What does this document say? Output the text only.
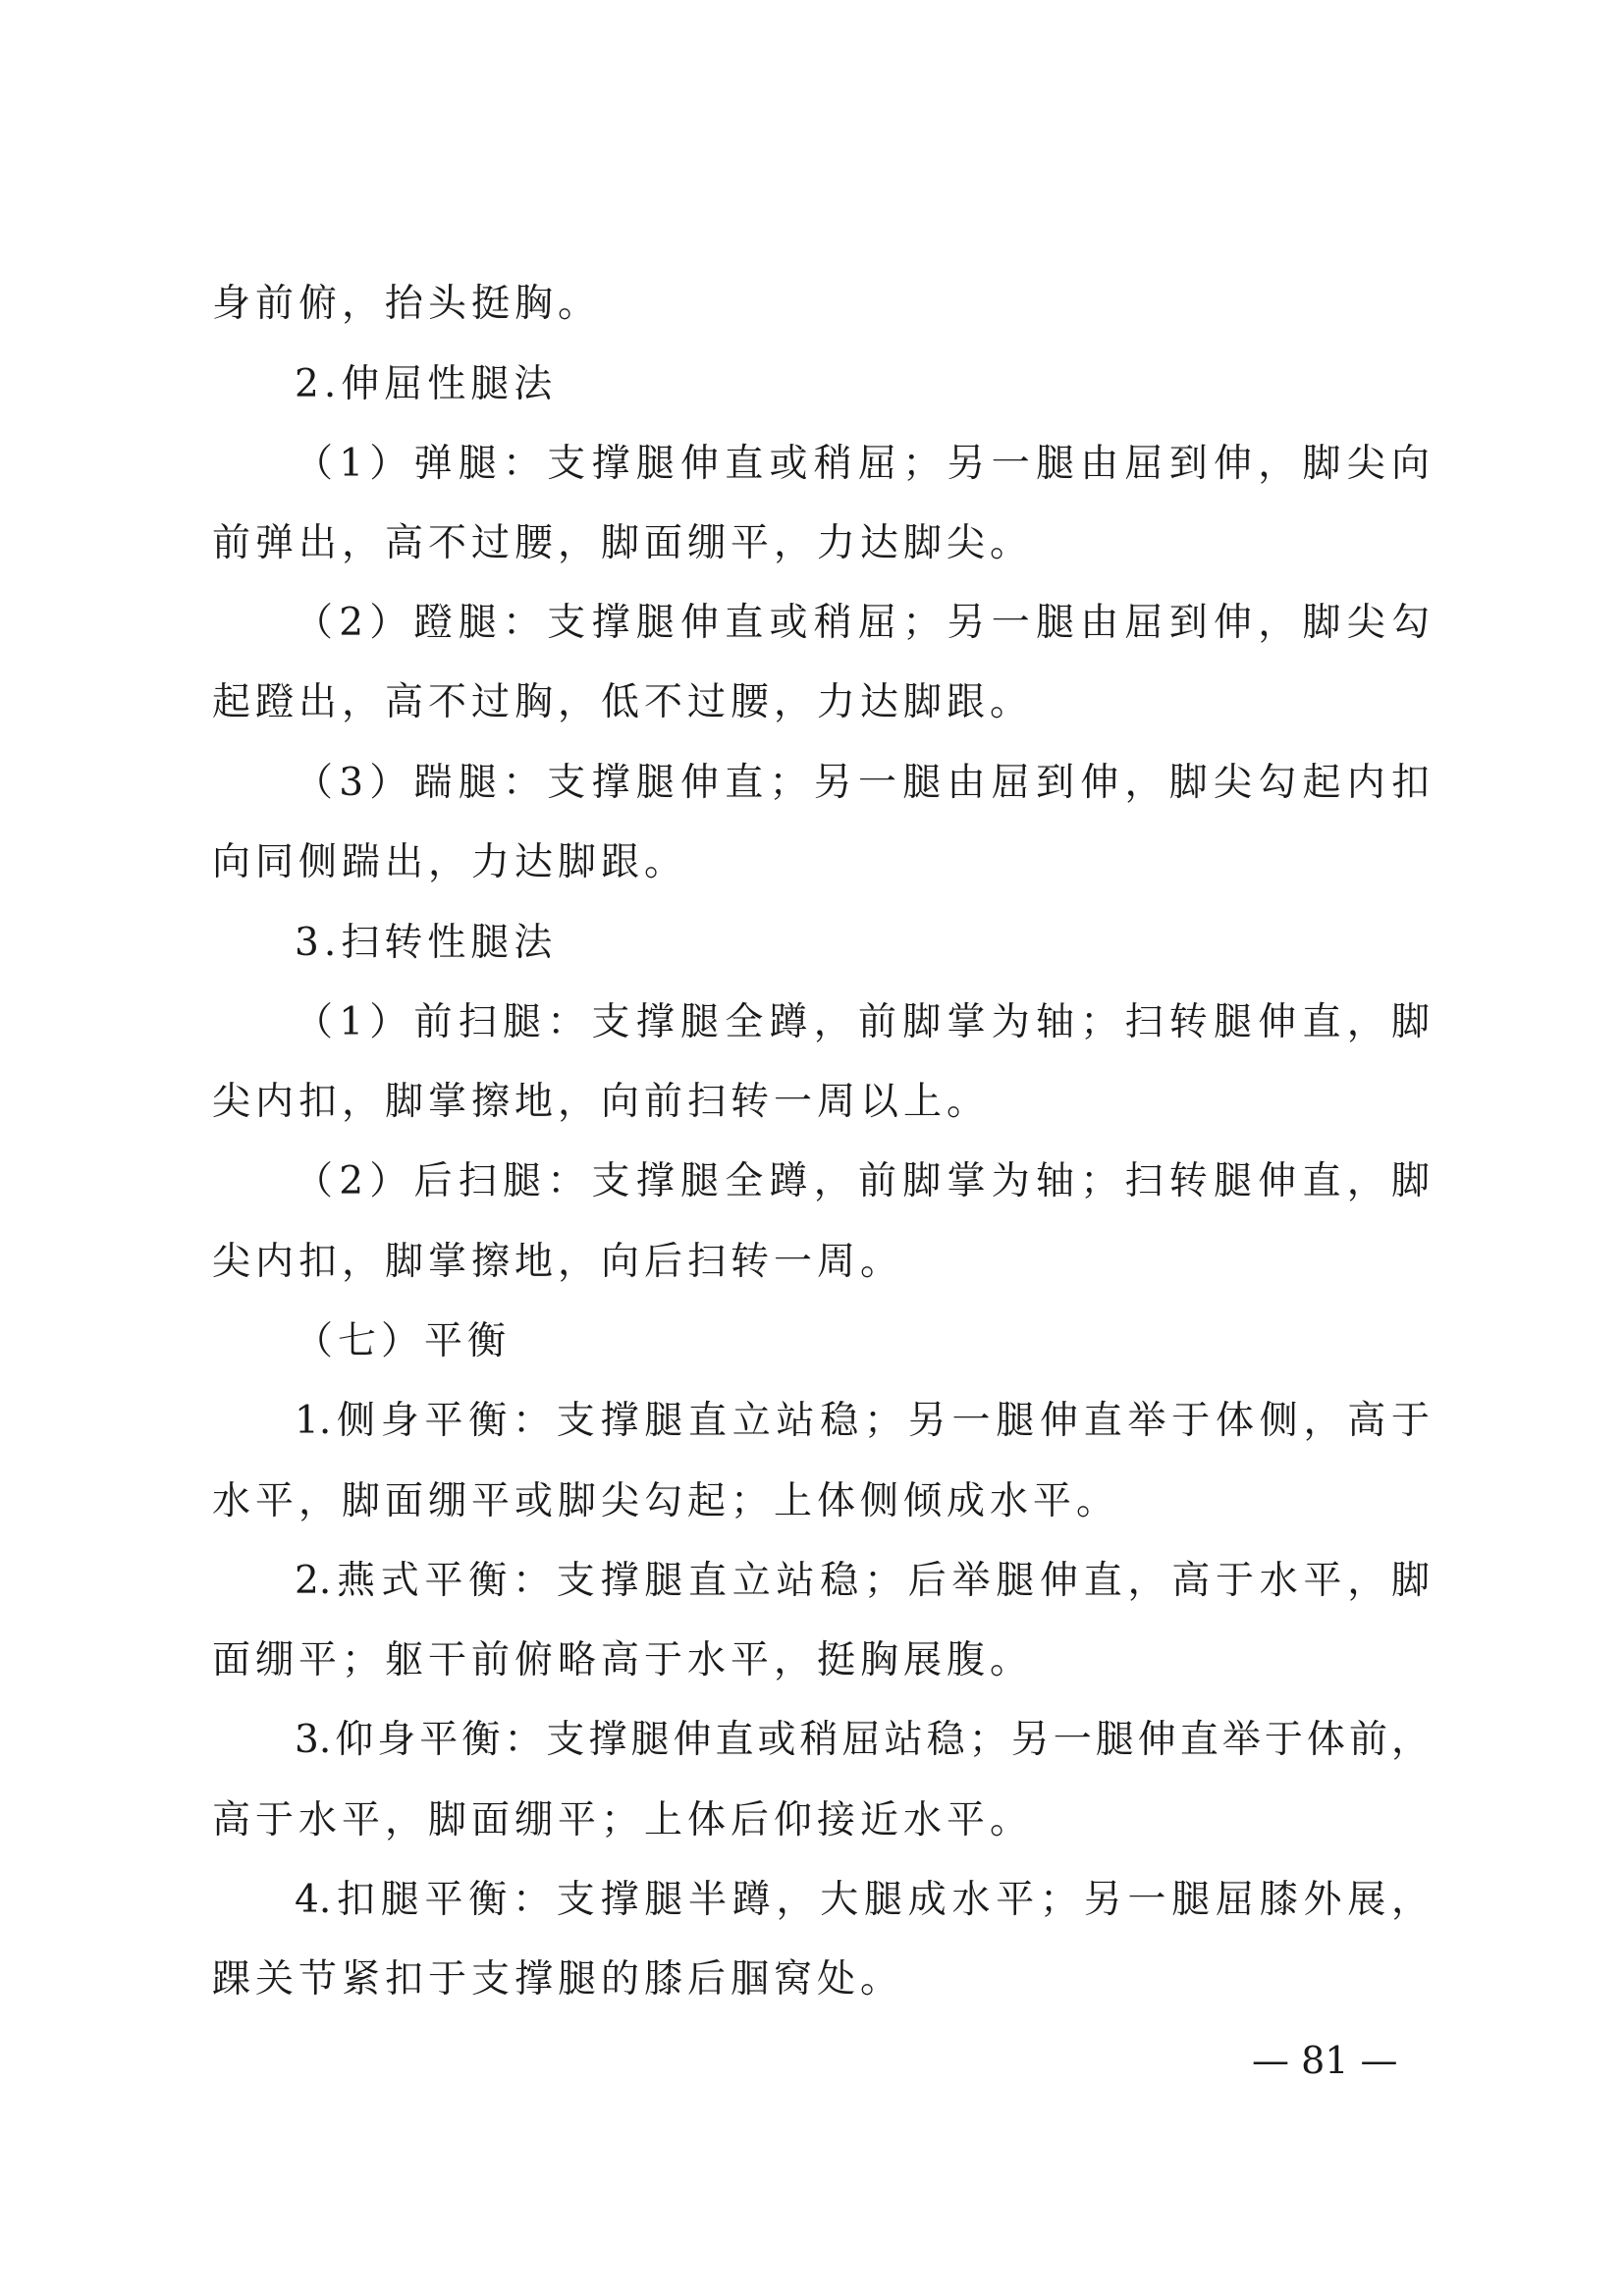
身前俯，抬头挺胸。
2.伸屈性腿法
（1）弹腿：支撑腿伸直或稍屈；另一腿由屈到伸，脚尖向
前弹出，高不过腰，脚面绷平，力达脚尖。
（2）蹬腿：支撑腿伸直或稍屈；另一腿由屈到伸，脚尖勾
起蹬出，高不过胸，低不过腰，力达脚跟。
（3）踹腿：支撑腿伸直；另一腿由屈到伸，脚尖勾起内扣
向同侧踹出，力达脚跟。
3.扫转性腿法
（1）前扫腿：支撑腿全蹲，前脚掌为轴；扫转腿伸直，脚
尖内扣，脚掌擦地，向前扫转一周以上。
（2）后扫腿：支撑腿全蹲，前脚掌为轴；扫转腿伸直，脚
尖内扣，脚掌擦地，向后扫转一周。
（七）平衡
1.侧身平衡：支撑腿直立站稳；另一腿伸直举于体侧，高于
水平，脚面绷平或脚尖勾起；上体侧倾成水平。
2.燕式平衡：支撑腿直立站稳；后举腿伸直，高于水平，脚
面绷平；躯干前俯略高于水平，挺胸展腹。
3.仰身平衡：支撑腿伸直或稍屈站稳；另一腿伸直举于体前，
高于水平，脚面绷平；上体后仰接近水平。
4.扣腿平衡：支撑腿半蹲，大腿成水平；另一腿屈膝外展，
踝关节紧扣于支撑腿的膝后腘窝处。
— 81 —
